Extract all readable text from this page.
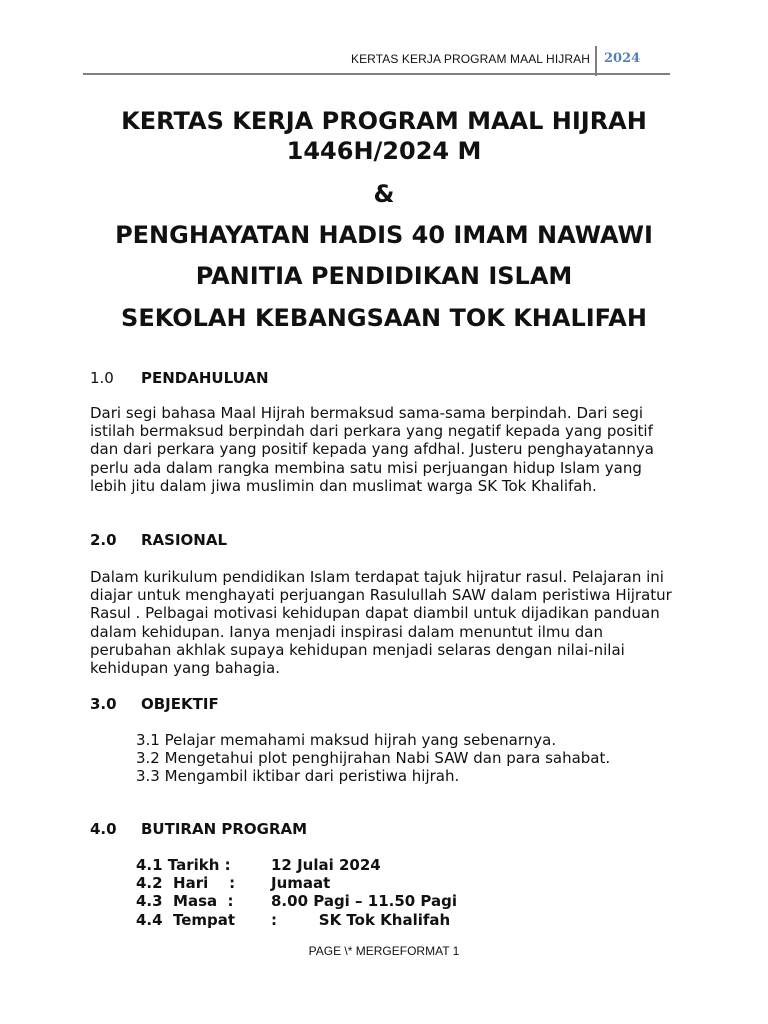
KERTAS KERJA PROGRAM MAAL HIJRAH 2024
KERTAS KERJA PROGRAM MAAL HIJRAH
1446H/2024 M
&
PENGHAYATAN HADIS 40 IMAM NAWAWI
PANITIA PENDIDIKAN ISLAM
SEKOLAH KEBANGSAAN TOK KHALIFAH
1.0 PENDAHULUAN
Dari segi bahasa Maal Hijrah bermaksud sama-sama berpindah. Dari segi
istilah bermaksud berpindah dari perkara yang negatif kepada yang positif
dan dari perkara yang positif kepada yang afdhal. Justeru penghayatannya
perlu ada dalam rangka membina satu misi perjuangan hidup Islam yang
lebih jitu dalam jiwa muslimin dan muslimat warga SK Tok Khalifah.
2.0 RASIONAL
Dalam kurikulum pendidikan Islam terdapat tajuk hijratur rasul. Pelajaran ini
diajar untuk menghayati perjuangan Rasulullah SAW dalam peristiwa Hijratur
Rasul . Pelbagai motivasi kehidupan dapat diambil untuk dijadikan panduan
dalam kehidupan. Ianya menjadi inspirasi dalam menuntut ilmu dan
perubahan akhlak supaya kehidupan menjadi selaras dengan nilai-nilai
kehidupan yang bahagia.
3.0 OBJEKTIF
3.1 Pelajar memahami maksud hijrah yang sebenarnya.
3.2 Mengetahui plot penghijrahan Nabi SAW dan para sahabat.
3.3 Mengambil iktibar dari peristiwa hijrah.
4.0 BUTIRAN PROGRAM
4.1 Tarikh :	12 Julai 2024
4.2  Hari    : Jumaat
4.3  Masa  : 8.00 Pagi – 11.50 Pagi
4.4  Tempat :        SK Tok Khalifah
PAGE \* MERGEFORMAT 1
